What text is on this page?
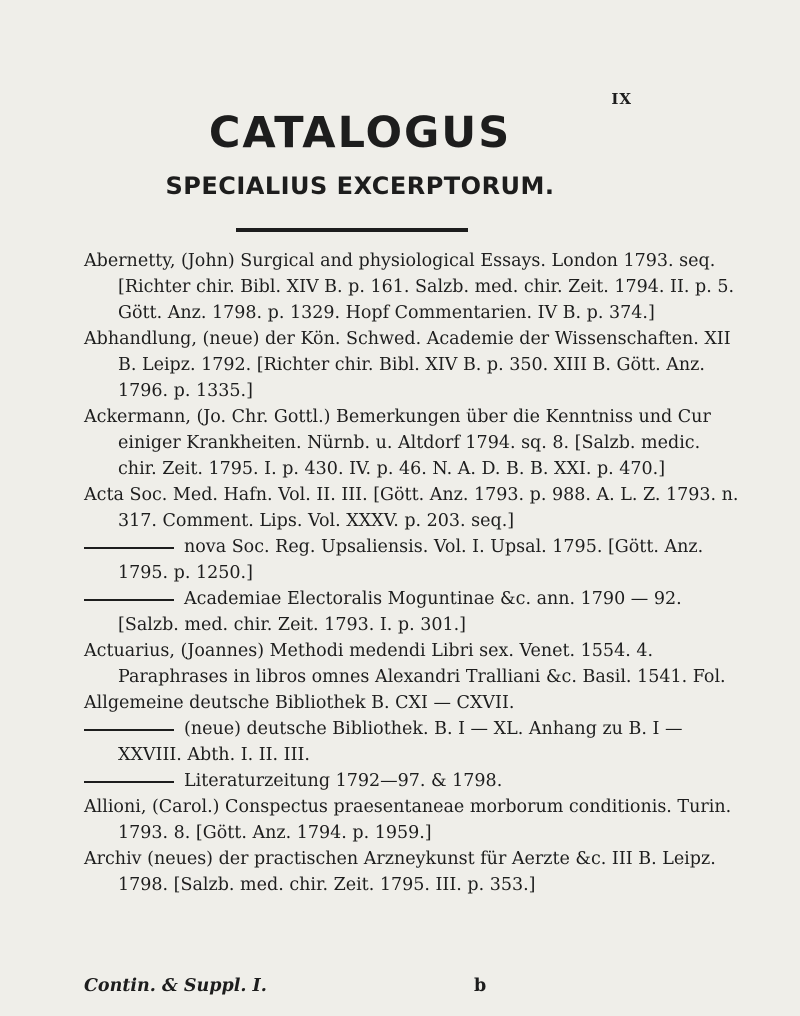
IX
CATALOGUS
SPECIALIUS EXCERPTORUM.

Abernetty, (John) Surgical and physiological Essays. London 1793. seq. [Richter chir. Bibl. XIV B. p. 161. Salzb. med. chir. Zeit. 1794. II. p. 5. Gött. Anz. 1798. p. 1329. Hopf Commentarien. IV B. p. 374.]

Abhandlung, (neue) der Kön. Schwed. Academie der Wissenschaften. XII B. Leipz. 1792. [Richter chir. Bibl. XIV B. p. 350. XIII B. Gött. Anz. 1796. p. 1335.]

Ackermann, (Jo. Chr. Gottl.) Bemerkungen über die Kenntniss und Cur einiger Krankheiten. Nürnb. u. Altdorf 1794. sq. 8. [Salzb. medic. chir. Zeit. 1795. I. p. 430. IV. p. 46. N. A. D. B. B. XXI. p. 470.]

Acta Soc. Med. Hafn. Vol. II. III. [Gött. Anz. 1793. p. 988. A. L. Z. 1793. n. 317. Comment. Lips. Vol. XXXV. p. 203. seq.]

nova Soc. Reg. Upsaliensis. Vol. I. Upsal. 1795. [Gött. Anz. 1795. p. 1250.]

Academiae Electoralis Moguntinae &c. ann. 1790 — 92. [Salzb. med. chir. Zeit. 1793. I. p. 301.]

Actuarius, (Joannes) Methodi medendi Libri sex. Venet. 1554. 4. Paraphrases in libros omnes Alexandri Tralliani &c. Basil. 1541. Fol.

Allgemeine deutsche Bibliothek B. CXI — CXVII.

(neue) deutsche Bibliothek. B. I — XL. Anhang zu B. I — XXVIII. Abth. I. II. III.

Literaturzeitung 1792—97. & 1798.

Allioni, (Carol.) Conspectus praesentaneae morborum conditionis. Turin. 1793. 8. [Gött. Anz. 1794. p. 1959.]

Archiv (neues) der practischen Arzneykunst für Aerzte &c. III B. Leipz. 1798. [Salzb. med. chir. Zeit. 1795. III. p. 353.]

Contin. & Suppl. I.	b
